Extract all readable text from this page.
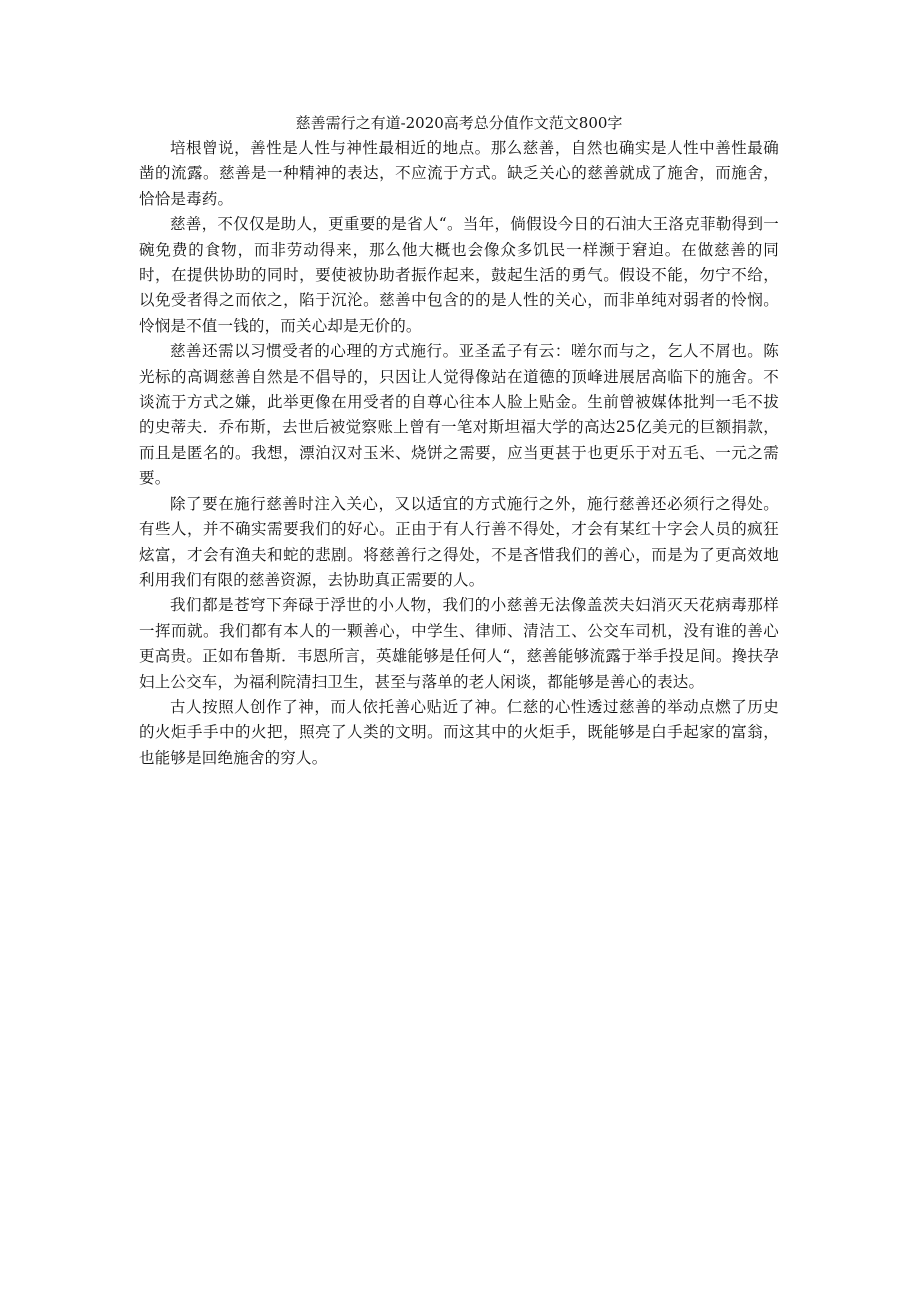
慈善需行之有道-2020高考总分值作文范文800字

培根曾说，善性是人性与神性最相近的地点。那么慈善，自然也确实是人性中善性最确凿的流露。慈善是一种精神的表达，不应流于方式。缺乏关心的慈善就成了施舍，而施舍，恰恰是毒药。

慈善，不仅仅是助人，更重要的是省人“。当年，倘假设今日的石油大王洛克菲勒得到一碗免费的食物，而非劳动得来，那么他大概也会像众多饥民一样濒于窘迫。在做慈善的同时，在提供协助的同时，要使被协助者振作起来，鼓起生活的勇气。假设不能，勿宁不给，以免受者得之而依之，陷于沉沦。慈善中包含的的是人性的关心，而非单纯对弱者的怜悯。怜悯是不值一钱的，而关心却是无价的。

慈善还需以习惯受者的心理的方式施行。亚圣孟子有云：嗟尔而与之，乞人不屑也。陈光标的高调慈善自然是不倡导的，只因让人觉得像站在道德的顶峰进展居高临下的施舍。不谈流于方式之嫌，此举更像在用受者的自尊心往本人脸上贴金。生前曾被媒体批判一毛不拔的史蒂夫．乔布斯，去世后被觉察账上曾有一笔对斯坦福大学的高达25亿美元的巨额捐款，而且是匿名的。我想，漂泊汉对玉米、烧饼之需要，应当更甚于也更乐于对五毛、一元之需要。

除了要在施行慈善时注入关心，又以适宜的方式施行之外，施行慈善还必须行之得处。有些人，并不确实需要我们的好心。正由于有人行善不得处，才会有某红十字会人员的疯狂炫富，才会有渔夫和蛇的悲剧。将慈善行之得处，不是吝惜我们的善心，而是为了更高效地利用我们有限的慈善资源，去协助真正需要的人。

我们都是苍穹下奔碌于浮世的小人物，我们的小慈善无法像盖茨夫妇消灭天花病毒那样一挥而就。我们都有本人的一颗善心，中学生、律师、清洁工、公交车司机，没有谁的善心更高贵。正如布鲁斯．韦恩所言，英雄能够是任何人“，慈善能够流露于举手投足间。搀扶孕妇上公交车，为福利院清扫卫生，甚至与落单的老人闲谈，都能够是善心的表达。

古人按照人创作了神，而人依托善心贴近了神。仁慈的心性透过慈善的举动点燃了历史的火炬手手中的火把，照亮了人类的文明。而这其中的火炬手，既能够是白手起家的富翁，也能够是回绝施舍的穷人。
